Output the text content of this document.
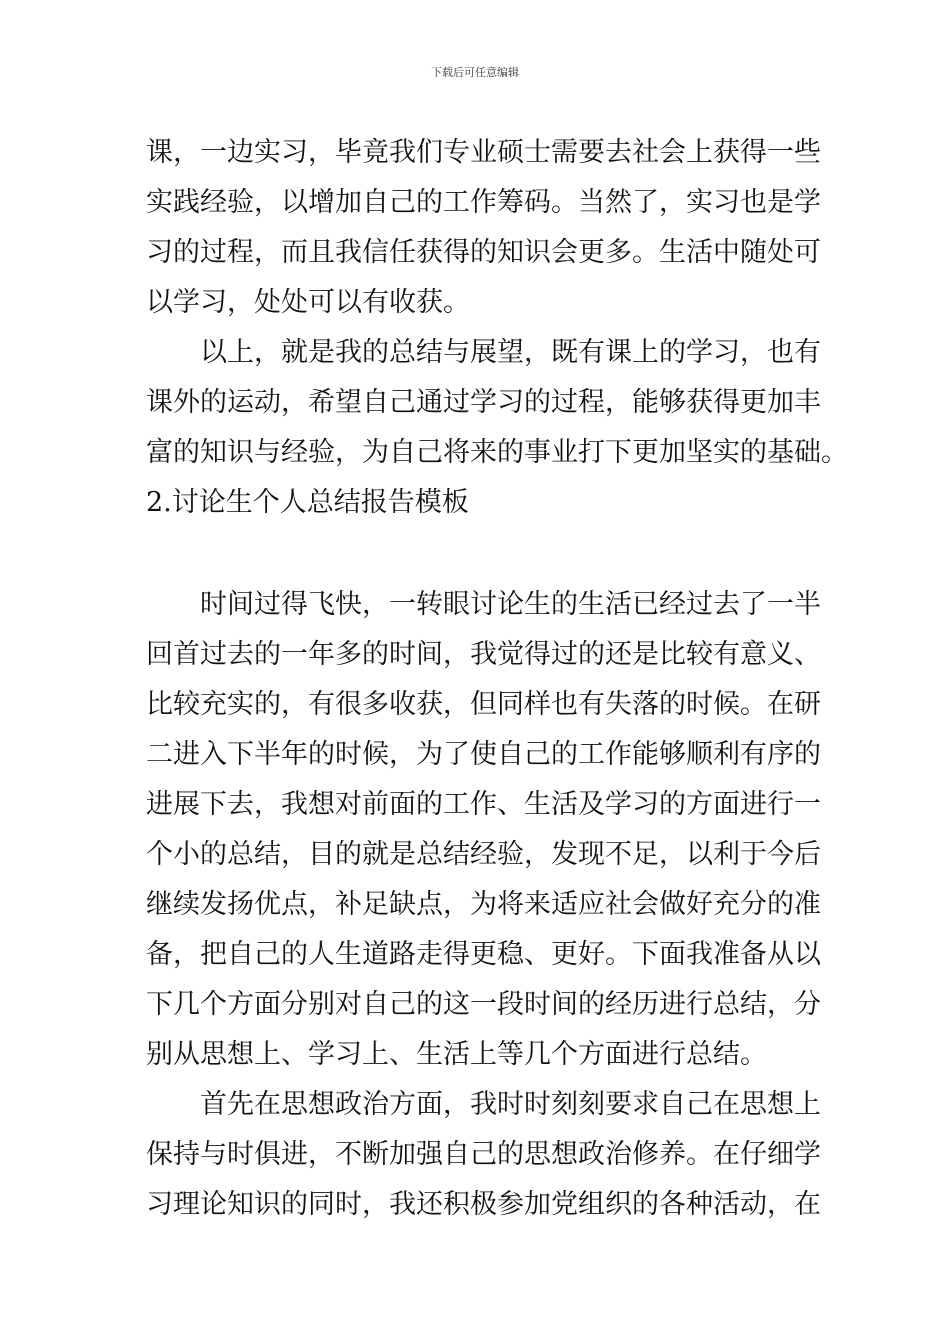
下载后可任意编辑
课，一边实习，毕竟我们专业硕士需要去社会上获得一些
实践经验，以增加自己的工作筹码。当然了，实习也是学
习的过程，而且我信任获得的知识会更多。生活中随处可
以学习，处处可以有收获。
以上，就是我的总结与展望，既有课上的学习，也有
课外的运动，希望自己通过学习的过程，能够获得更加丰
富的知识与经验，为自己将来的事业打下更加坚实的基础。
2.讨论生个人总结报告模板
时间过得飞快，一转眼讨论生的生活已经过去了一半
回首过去的一年多的时间，我觉得过的还是比较有意义、
比较充实的，有很多收获，但同样也有失落的时候。在研
二进入下半年的时候，为了使自己的工作能够顺利有序的
进展下去，我想对前面的工作、生活及学习的方面进行一
个小的总结，目的就是总结经验，发现不足，以利于今后
继续发扬优点，补足缺点，为将来适应社会做好充分的准
备，把自己的人生道路走得更稳、更好。下面我准备从以
下几个方面分别对自己的这一段时间的经历进行总结，分
别从思想上、学习上、生活上等几个方面进行总结。
首先在思想政治方面，我时时刻刻要求自己在思想上
保持与时俱进，不断加强自己的思想政治修养。在仔细学
习理论知识的同时，我还积极参加党组织的各种活动，在
